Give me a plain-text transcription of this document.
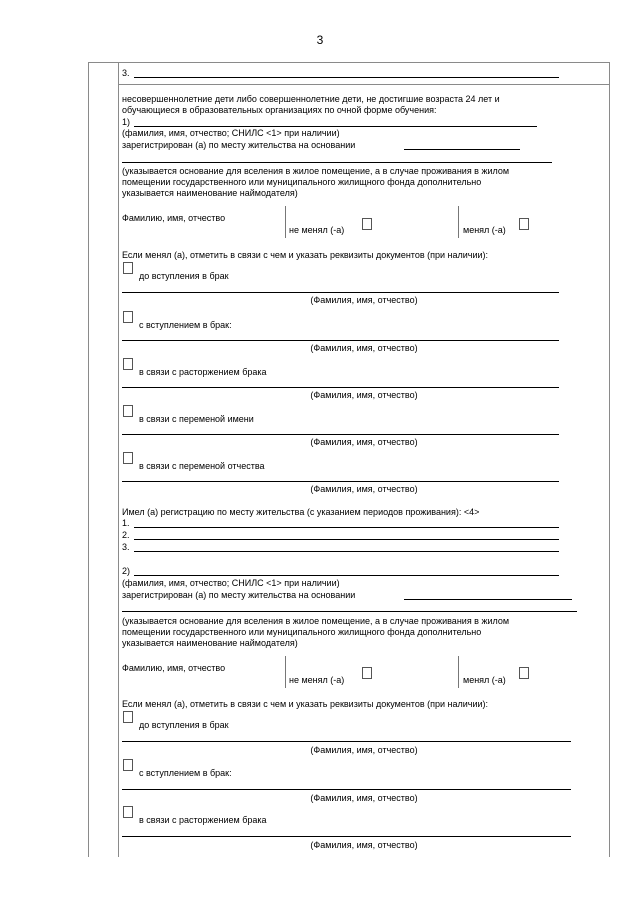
3
3.
несовершеннолетние дети либо совершеннолетние дети, не достигшие возраста 24 лет и
обучающиеся в образовательных организациях по очной форме обучения:
1)
(фамилия, имя, отчество; СНИЛС <1> при наличии)
зарегистрирован (а) по месту жительства на основании
(указывается основание для вселения в жилое помещение, а в случае проживания в жилом
помещении государственного или муниципального жилищного фонда дополнительно
указывается наименование наймодателя)
Фамилию, имя, отчество
не менял (-а)	менял (-а)
Если менял (а), отметить в связи с чем и указать реквизиты документов (при наличии):
до вступления в брак
(Фамилия, имя, отчество)
с вступлением в брак:
(Фамилия, имя, отчество)
в связи с расторжением брака
(Фамилия, имя, отчество)
в связи с переменой имени
(Фамилия, имя, отчество)
в связи с переменой отчества
(Фамилия, имя, отчество)
Имел (а) регистрацию по месту жительства (с указанием периодов проживания): <4>
1.
2.
3.
2)
(фамилия, имя, отчество; СНИЛС <1> при наличии)
зарегистрирован (а) по месту жительства на основании
(указывается основание для вселения в жилое помещение, а в случае проживания в жилом
помещении государственного или муниципального жилищного фонда дополнительно
указывается наименование наймодателя)
Фамилию, имя, отчество
не менял (-а)	менял (-а)
Если менял (а), отметить в связи с чем и указать реквизиты документов (при наличии):
до вступления в брак
(Фамилия, имя, отчество)
с вступлением в брак:
(Фамилия, имя, отчество)
в связи с расторжением брака
(Фамилия, имя, отчество)
